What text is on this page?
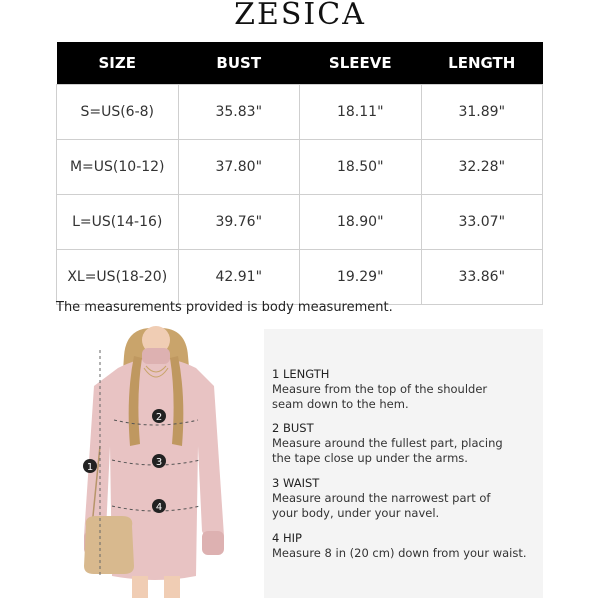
ZESICA
SIZE	BUST	SLEEVE	LENGTH
S=US(6-8)	35.83"	18.11"	31.89"
M=US(10-12)	37.80"	18.50"	32.28"
L=US(14-16)	39.76"	18.90"	33.07"
XL=US(18-20)	42.91"	19.29"	33.86"
The measurements provided is body measurement.
1
2
3
4
1 LENGTH
Measure from the top of the shoulder
seam down to the hem.
2 BUST
Measure around the fullest part, placing
the tape close up under the arms.
3 WAIST
Measure around the narrowest part of
your body, under your navel.
4 HIP
Measure 8 in (20 cm) down from your waist.
